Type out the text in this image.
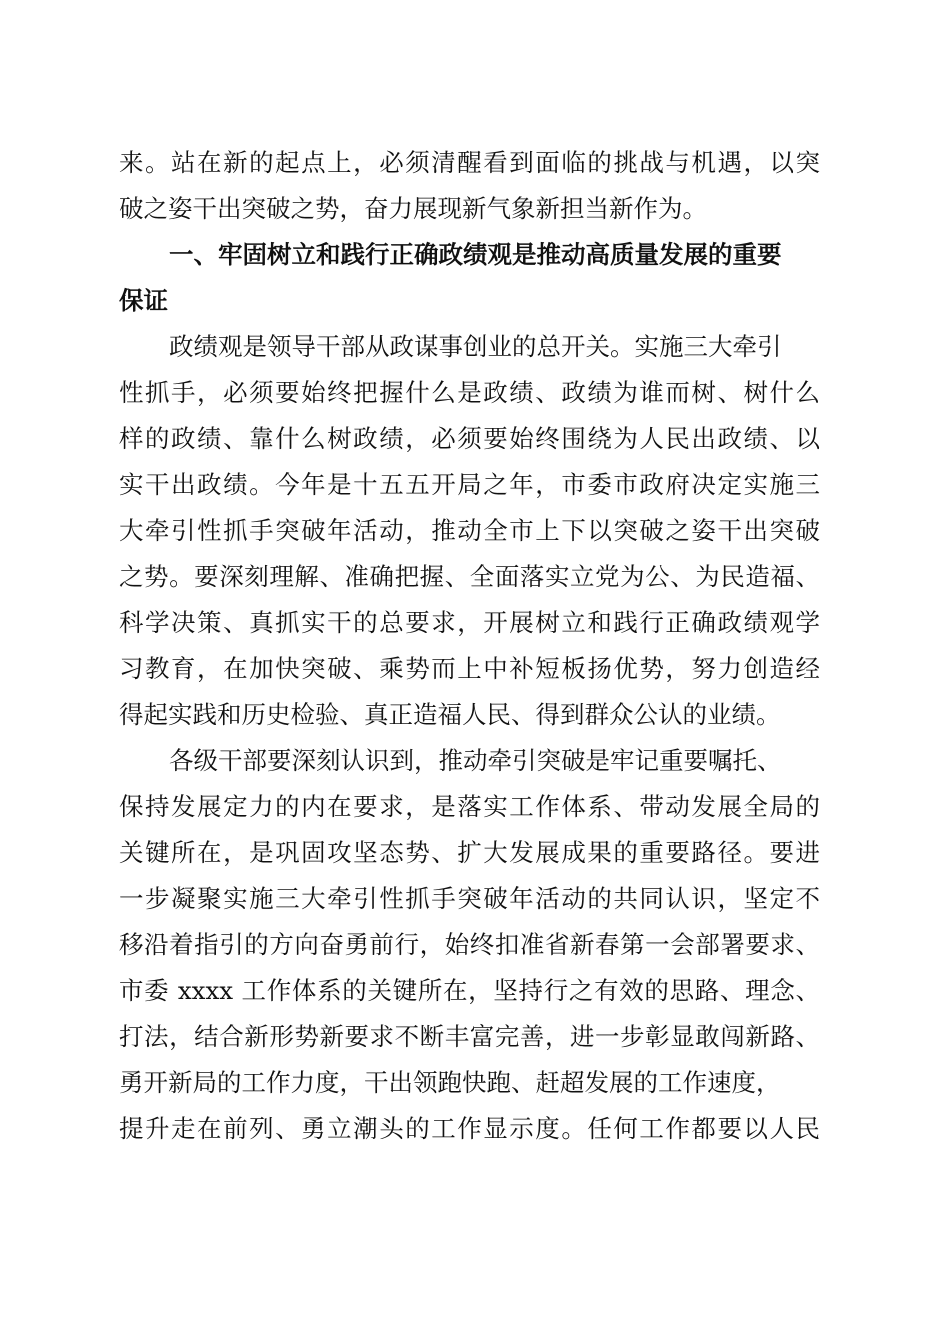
来。站在新的起点上，必须清醒看到面临的挑战与机遇，以突
破之姿干出突破之势，奋力展现新气象新担当新作为。
一、牢固树立和践行正确政绩观是推动高质量发展的重要
保证
政绩观是领导干部从政谋事创业的总开关。实施三大牵引
性抓手，必须要始终把握什么是政绩、政绩为谁而树、树什么
样的政绩、靠什么树政绩，必须要始终围绕为人民出政绩、以
实干出政绩。今年是十五五开局之年，市委市政府决定实施三
大牵引性抓手突破年活动，推动全市上下以突破之姿干出突破
之势。要深刻理解、准确把握、全面落实立党为公、为民造福、
科学决策、真抓实干的总要求，开展树立和践行正确政绩观学
习教育，在加快突破、乘势而上中补短板扬优势，努力创造经
得起实践和历史检验、真正造福人民、得到群众公认的业绩。
各级干部要深刻认识到，推动牵引突破是牢记重要嘱托、
保持发展定力的内在要求，是落实工作体系、带动发展全局的
关键所在，是巩固攻坚态势、扩大发展成果的重要路径。要进
一步凝聚实施三大牵引性抓手突破年活动的共同认识，坚定不
移沿着指引的方向奋勇前行，始终扣准省新春第一会部署要求、
市委 xxxx 工作体系的关键所在，坚持行之有效的思路、理念、
打法，结合新形势新要求不断丰富完善，进一步彰显敢闯新路、
勇开新局的工作力度，干出领跑快跑、赶超发展的工作速度，
提升走在前列、勇立潮头的工作显示度。任何工作都要以人民
